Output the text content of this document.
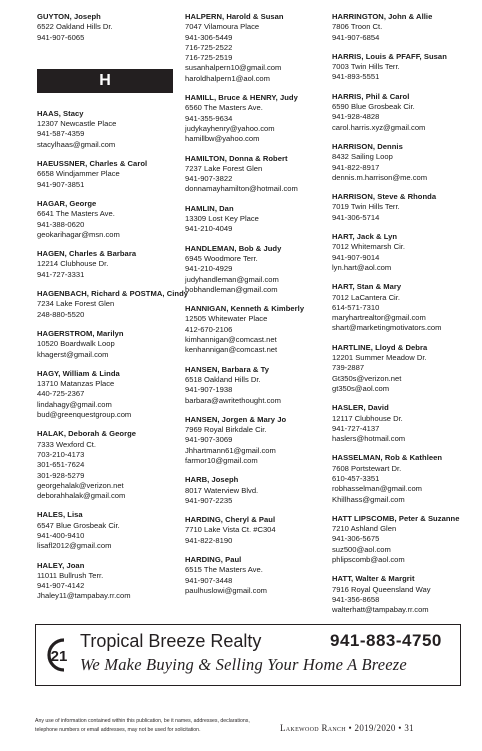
GUYTON, Joseph
6522 Oakland Hills Dr.
941-907-6065
H
HAAS, Stacy
12307 Newcastle Place
941-587-4359
stacylhaas@gmail.com
HAEUSSNER, Charles & Carol
6658 Windjammer Place
941-907-3851
HAGAR, George
6641 The Masters Ave.
941-388-0620
geokarihagar@msn.com
HAGEN, Charles & Barbara
12214 Clubhouse Dr.
941-727-3331
HAGENBACH, Richard & POSTMA, Cindy
7234 Lake Forest Glen
248-880-5520
HAGERSTROM, Marilyn
10520 Boardwalk Loop
khagerst@gmail.com
HAGY, William & Linda
13710 Matanzas Place
440-725-2367
lindahagy@gmail.com
bud@greenquestgroup.com
HALAK, Deborah & George
7333 Wexford Ct.
703-210-4173
301-651-7624
301-928-5279
georgehalak@verizon.net
deborahhalak@gmail.com
HALES, Lisa
6547 Blue Grosbeak Cir.
941-400-9410
lisafl2012@gmail.com
HALEY, Joan
11011 Bullrush Terr.
941-907-4142
Jhaley11@tampabay.rr.com
HALPERN, Harold & Susan
7047 Vilamoura Place
941-306-5449
716-725-2522
716-725-2519
susanhalpern10@gmail.com
haroldhalpern1@aol.com
HAMILL, Bruce & HENRY, Judy
6560 The Masters Ave.
941-355-9634
judykayhenry@yahoo.com
hamillbw@yahoo.com
HAMILTON, Donna & Robert
7237 Lake Forest Glen
941-907-3822
donnamayhamilton@hotmail.com
HAMLIN, Dan
13309 Lost Key Place
941-210-4049
HANDLEMAN, Bob & Judy
6945 Woodmore Terr.
941-210-4929
judyhandleman@gmail.com
bobhandleman@gmail.com
HANNIGAN, Kenneth & Kimberly
12505 Whitewater Place
412-670-2106
kimhannigan@comcast.net
kenhannigan@comcast.net
HANSEN, Barbara & Ty
6518 Oakland Hills Dr.
941-907-1938
barbara@awritethought.com
HANSEN, Jorgen & Mary Jo
7969 Royal Birkdale Cir.
941-907-3069
Jhhartmann61@gmail.com
farmor10@gmail.com
HARB, Joseph
8017 Waterview Blvd.
941-907-2235
HARDING, Cheryl & Paul
7710 Lake Vista Ct. #C304
941-822-8190
HARDING, Paul
6515 The Masters Ave.
941-907-3448
paulhuslowi@gmail.com
HARRINGTON, John & Allie
7806 Troon Ct.
941-907-6854
HARRIS, Louis & PFAFF, Susan
7003 Twin Hills Terr.
941-893-5551
HARRIS, Phil & Carol
6590 Blue Grosbeak Cir.
941-928-4828
carol.harris.xyz@gmail.com
HARRISON, Dennis
8432 Sailing Loop
941-822-8917
dennis.m.harrison@me.com
HARRISON, Steve & Rhonda
7019 Twin Hills Terr.
941-306-5714
HART, Jack & Lyn
7012 Whitemarsh Cir.
941-907-9014
lyn.hart@aol.com
HART, Stan & Mary
7012 LaCantera Cir.
614-571-7310
maryhartrealtor@gmail.com
shart@marketingmotivators.com
HARTLINE, Lloyd & Debra
12201 Summer Meadow Dr.
739-2887
Gt350s@verizon.net
gt350s@aol.com
HASLER, David
12117 Clubhouse Dr.
941-727-4137
haslers@hotmail.com
HASSELMAN, Rob & Kathleen
7608 Portstewart Dr.
610-457-3351
robhasselman@gmail.com
Khillhass@gmail.com
HATT LIPSCOMB, Peter & Suzanne
7210 Ashland Glen
941-306-5675
suz500@aol.com
phlipscomb@aol.com
HATT, Walter & Margrit
7916 Royal Queensland Way
941-356-8658
walterhatt@tampabay.rr.com
21
Tropical Breeze Realty	941-883-4750
We Make Buying & Selling Your Home A Breeze
Any use of information contained within this publication, be it names, addresses, declarations, telephone numbers or email addresses, may not be used for solicitation.	Lakewood Ranch • 2019/2020 • 31
